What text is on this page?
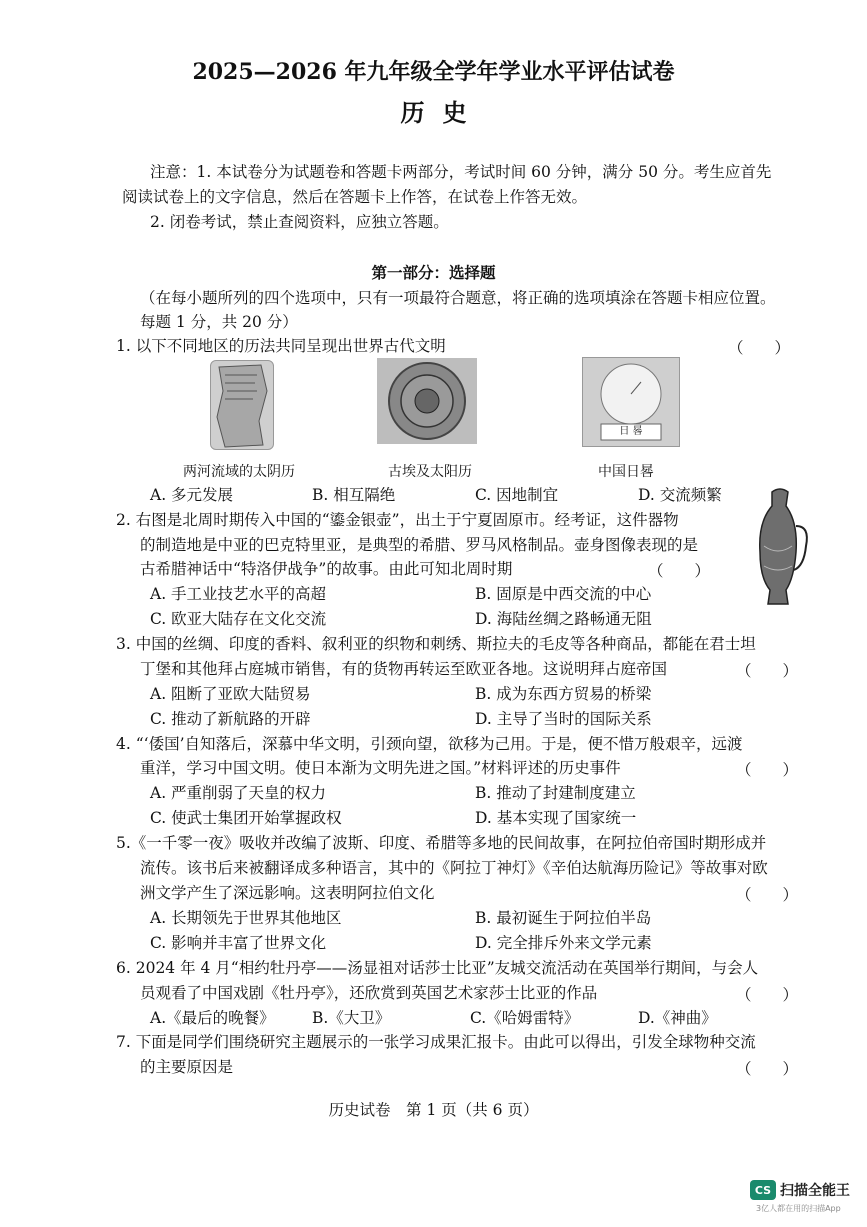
2025—2026 年九年级全学年学业水平评估试卷
历史
注意：1. 本试卷分为试题卷和答题卡两部分，考试时间 60 分钟，满分 50 分。考生应首先
阅读试卷上的文字信息，然后在答题卡上作答，在试卷上作答无效。
2. 闭卷考试，禁止查阅资料，应独立答题。
第一部分：选择题
（在每小题所列的四个选项中，只有一项最符合题意，将正确的选项填涂在答题卡相应位置。
每题 1 分，共 20 分）
1. 以下不同地区的历法共同呈现出世界古代文明	（　　）
日 晷
两河流域的太阴历	古埃及太阳历	中国日晷
A. 多元发展	B. 相互隔绝	C. 因地制宜	D. 交流频繁
2. 右图是北周时期传入中国的“鎏金银壶”，出土于宁夏固原市。经考证，这件器物
的制造地是中亚的巴克特里亚，是典型的希腊、罗马风格制品。壶身图像表现的是
古希腊神话中“特洛伊战争”的故事。由此可知北周时期	（　　）
A. 手工业技艺水平的高超	B. 固原是中西交流的中心
C. 欧亚大陆存在文化交流	D. 海陆丝绸之路畅通无阻
3. 中国的丝绸、印度的香料、叙利亚的织物和刺绣、斯拉夫的毛皮等各种商品，都能在君士坦
丁堡和其他拜占庭城市销售，有的货物再转运至欧亚各地。这说明拜占庭帝国	（　　）
A. 阻断了亚欧大陆贸易	B. 成为东西方贸易的桥梁
C. 推动了新航路的开辟	D. 主导了当时的国际关系
4. “‘倭国’自知落后，深慕中华文明，引颈向望，欲移为己用。于是，便不惜万般艰辛，远渡
重洋，学习中国文明。使日本渐为文明先进之国。”材料评述的历史事件	（　　）
A. 严重削弱了天皇的权力	B. 推动了封建制度建立
C. 使武士集团开始掌握政权	D. 基本实现了国家统一
5.《一千零一夜》吸收并改编了波斯、印度、希腊等多地的民间故事，在阿拉伯帝国时期形成并
流传。该书后来被翻译成多种语言，其中的《阿拉丁神灯》《辛伯达航海历险记》等故事对欧
洲文学产生了深远影响。这表明阿拉伯文化	（　　）
A. 长期领先于世界其他地区	B. 最初诞生于阿拉伯半岛
C. 影响并丰富了世界文化	D. 完全排斥外来文学元素
6. 2024 年 4 月“相约牡丹亭——汤显祖对话莎士比亚”友城交流活动在英国举行期间，与会人
员观看了中国戏剧《牡丹亭》，还欣赏到英国艺术家莎士比亚的作品	（　　）
A.《最后的晚餐》 B.《大卫》	C.《哈姆雷特》	D.《神曲》
7. 下面是同学们围绕研究主题展示的一张学习成果汇报卡。由此可以得出，引发全球物种交流
的主要原因是	（　　）
历史试卷　第 1 页（共 6 页）
CS 扫描全能王
3亿人都在用的扫描App
